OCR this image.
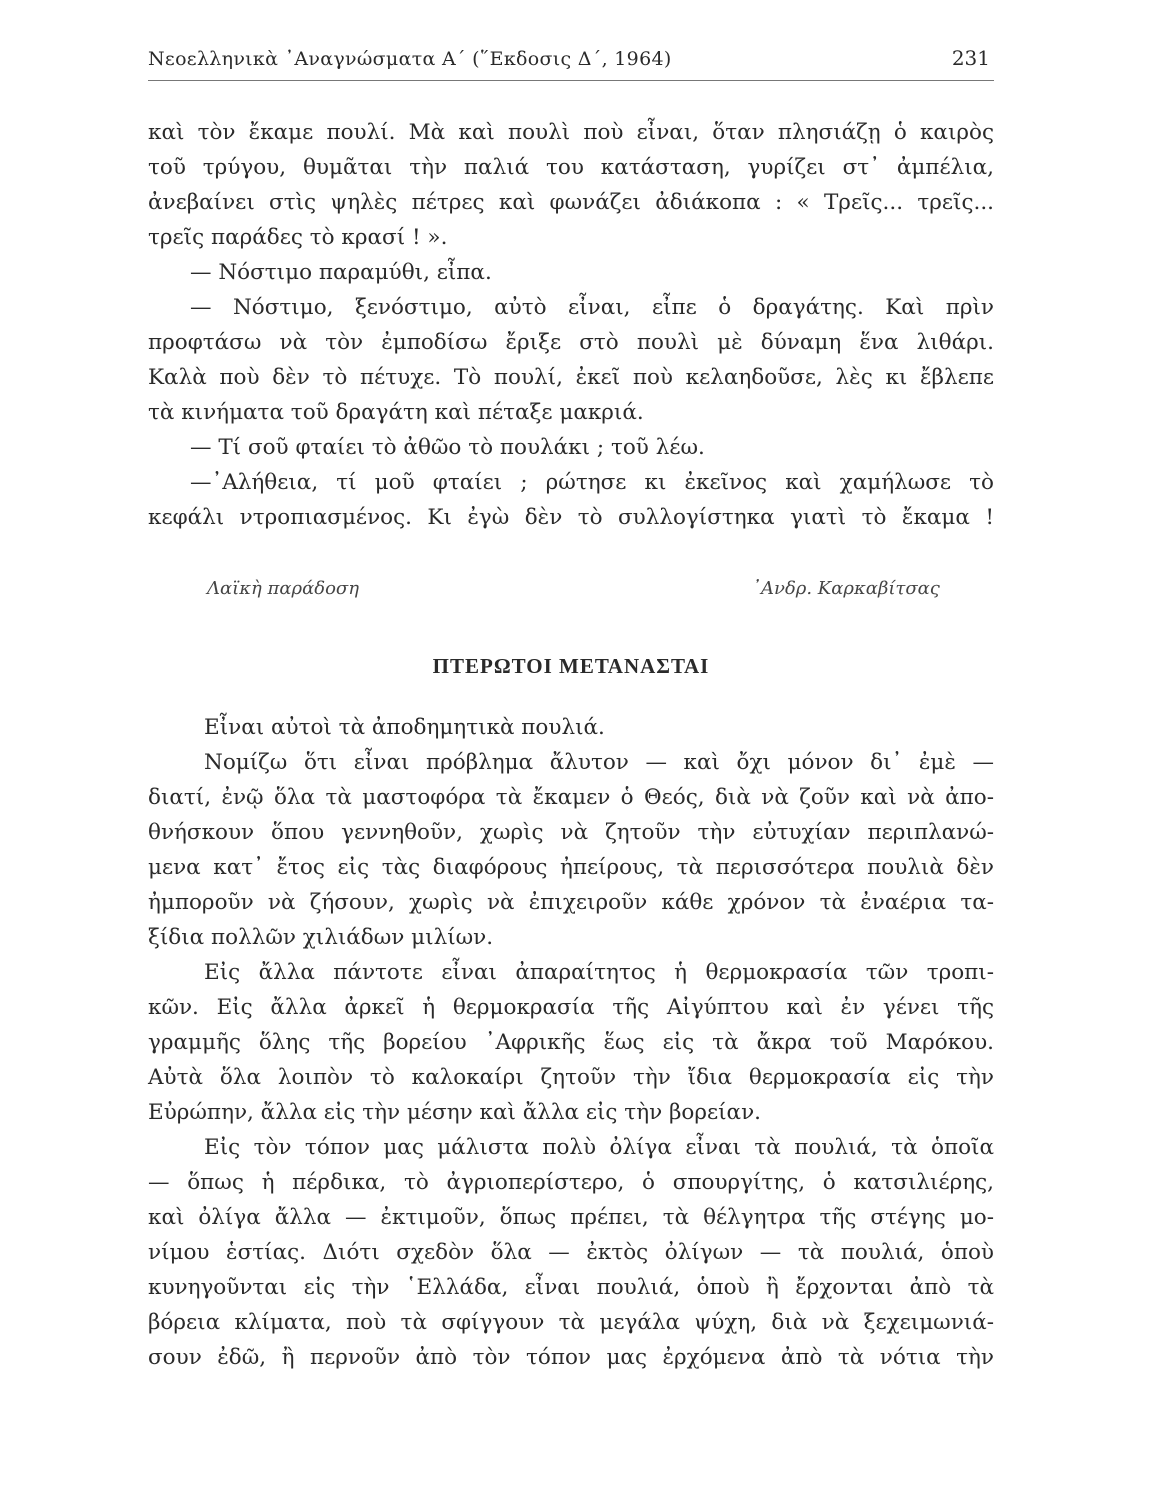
Νεοελληνικὰ ᾿Αναγνώσματα Α΄ (῞Εκδοσις Δ΄, 1964)	231

καὶ τὸν ἔκαμε πουλί. Μὰ καὶ πουλὶ ποὺ εἶναι, ὅταν πλησιάζῃ ὁ καιρὸς

τοῦ τρύγου, θυμᾶται τὴν παλιά του κατάσταση, γυρίζει στ᾿ ἀμπέλια,

ἀνεβαίνει στὶς ψηλὲς πέτρες καὶ φωνάζει ἀδιάκοπα : « Τρεῖς... τρεῖς...

τρεῖς παράδες τὸ κρασί ! ».

— Νόστιμο παραμύθι, εἶπα.

— Νόστιμο, ξενόστιμο, αὐτὸ εἶναι, εἶπε ὁ δραγάτης. Καὶ πρὶν

προφτάσω νὰ τὸν ἐμποδίσω ἔριξε στὸ πουλὶ μὲ δύναμη ἕνα λιθάρι.

Καλὰ ποὺ δὲν τὸ πέτυχε. Τὸ πουλί, ἐκεῖ ποὺ κελαηδοῦσε, λὲς κι ἔβλεπε

τὰ κινήματα τοῦ δραγάτη καὶ πέταξε μακριά.

— Τί σοῦ φταίει τὸ ἀθῶο τὸ πουλάκι ; τοῦ λέω.

—᾿Αλήθεια, τί μοῦ φταίει ; ρώτησε κι ἐκεῖνος καὶ χαμήλωσε τὸ

κεφάλι ντροπιασμένος. Κι ἐγὼ δὲν τὸ συλλογίστηκα γιατὶ τὸ ἔκαμα !

Λαϊκὴ παράδοση	᾿Ανδρ. Καρκαβίτσας
ΠΤΕΡΩΤΟΙ ΜΕΤΑΝΑΣΤΑΙ

Εἶναι αὐτοὶ τὰ ἀποδημητικὰ πουλιά.

Νομίζω ὅτι εἶναι πρόβλημα ἄλυτον — καὶ ὄχι μόνον δι᾿ ἐμὲ —

διατί, ἐνῷ ὅλα τὰ μαστοφόρα τὰ ἔκαμεν ὁ Θεός, διὰ νὰ ζοῦν καὶ νὰ ἀπο-

θνήσκουν ὅπου γεννηθοῦν, χωρὶς νὰ ζητοῦν τὴν εὐτυχίαν περιπλανώ-

μενα κατ᾿ ἔτος εἰς τὰς διαφόρους ἠπείρους, τὰ περισσότερα πουλιὰ δὲν

ἠμποροῦν νὰ ζήσουν, χωρὶς νὰ ἐπιχειροῦν κάθε χρόνον τὰ ἐναέρια τα-

ξίδια πολλῶν χιλιάδων μιλίων.

Εἰς ἄλλα πάντοτε εἶναι ἀπαραίτητος ἡ θερμοκρασία τῶν τροπι-

κῶν. Εἰς ἄλλα ἀρκεῖ ἡ θερμοκρασία τῆς Αἰγύπτου καὶ ἐν γένει τῆς

γραμμῆς ὅλης τῆς βορείου ᾿Αφρικῆς ἕως εἰς τὰ ἄκρα τοῦ Μαρόκου.

Αὐτὰ ὅλα λοιπὸν τὸ καλοκαίρι ζητοῦν τὴν ἴδια θερμοκρασία εἰς τὴν

Εὐρώπην, ἄλλα εἰς τὴν μέσην καὶ ἄλλα εἰς τὴν βορείαν.

Εἰς τὸν τόπον μας μάλιστα πολὺ ὀλίγα εἶναι τὰ πουλιά, τὰ ὁποῖα

— ὅπως ἡ πέρδικα, τὸ ἀγριοπερίστερο, ὁ σπουργίτης, ὁ κατσιλιέρης,

καὶ ὀλίγα ἄλλα — ἐκτιμοῦν, ὅπως πρέπει, τὰ θέλγητρα τῆς στέγης μο-

νίμου ἑστίας. Διότι σχεδὸν ὅλα — ἐκτὸς ὀλίγων — τὰ πουλιά, ὁποὺ

κυνηγοῦνται εἰς τὴν ῾Ελλάδα, εἶναι πουλιά, ὁποὺ ἢ ἔρχονται ἀπὸ τὰ

βόρεια κλίματα, ποὺ τὰ σφίγγουν τὰ μεγάλα ψύχη, διὰ νὰ ξεχειμωνιά-

σουν ἐδῶ, ἢ περνοῦν ἀπὸ τὸν τόπον μας ἐρχόμενα ἀπὸ τὰ νότια τὴν
